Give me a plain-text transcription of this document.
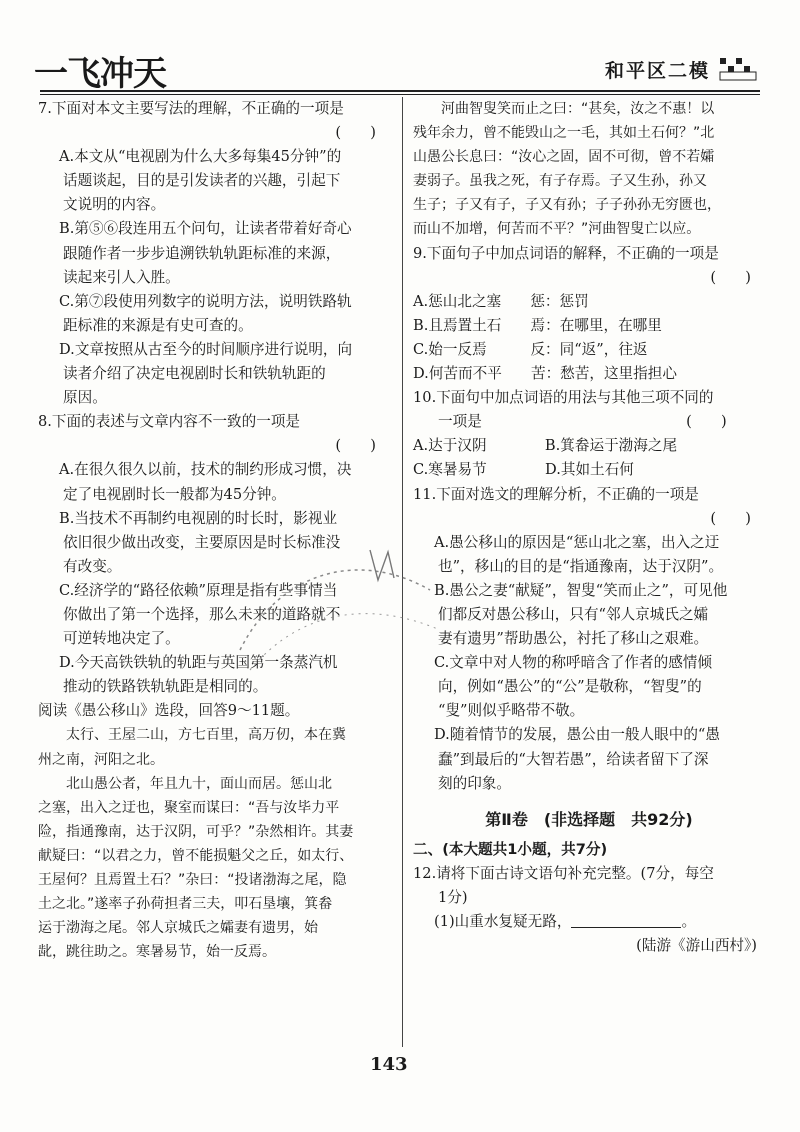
一飞冲天	和平区二模
7.下面对本文主要写法的理解，不正确的一项是
(　　)
A.本文从“电视剧为什么大多每集45分钟”的
话题谈起，目的是引发读者的兴趣，引起下
文说明的内容。
B.第⑤⑥段连用五个问句，让读者带着好奇心
跟随作者一步步追溯铁轨轨距标准的来源，
读起来引人入胜。
C.第⑦段使用列数字的说明方法，说明铁路轨
距标准的来源是有史可查的。
D.文章按照从古至今的时间顺序进行说明，向
读者介绍了决定电视剧时长和铁轨轨距的
原因。
8.下面的表述与文章内容不一致的一项是
(　　)
A.在很久很久以前，技术的制约形成习惯，决
定了电视剧时长一般都为45分钟。
B.当技术不再制约电视剧的时长时，影视业
依旧很少做出改变，主要原因是时长标准没
有改变。
C.经济学的“路径依赖”原理是指有些事情当
你做出了第一个选择，那么未来的道路就不
可逆转地决定了。
D.今天高铁铁轨的轨距与英国第一条蒸汽机
推动的铁路铁轨轨距是相同的。
阅读《愚公移山》选段，回答9～11题。
太行、王屋二山，方七百里，高万仞，本在冀
州之南，河阳之北。
北山愚公者，年且九十，面山而居。惩山北
之塞，出入之迂也，聚室而谋曰：“吾与汝毕力平
险，指通豫南，达于汉阴，可乎？”杂然相许。其妻
献疑曰：“以君之力，曾不能损魁父之丘，如太行、
王屋何？且焉置土石？”杂曰：“投诸渤海之尾，隐
土之北。”遂率子孙荷担者三夫，叩石垦壤，箕畚
运于渤海之尾。邻人京城氏之孀妻有遗男，始
龀，跳往助之。寒暑易节，始一反焉。
河曲智叟笑而止之曰：“甚矣，汝之不惠！以
残年余力，曾不能毁山之一毛，其如土石何？”北
山愚公长息曰：“汝心之固，固不可彻，曾不若孀
妻弱子。虽我之死，有子存焉。子又生孙，孙又
生子；子又有子，子又有孙；子子孙孙无穷匮也，
而山不加增，何苦而不平？”河曲智叟亡以应。
9.下面句子中加点词语的解释，不正确的一项是
(　　)
A.惩山北之塞　　惩：惩罚
B.且焉置土石　　焉：在哪里，在哪里
C.始一反焉　　　反：同“返”，往返
D.何苦而不平　　苦：愁苦，这里指担心
10.下面句中加点词语的用法与其他三项不同的
一项是　　　　　　　　　　　　　　(　　)
A.达于汉阴　　　　B.箕畚运于渤海之尾
C.寒暑易节　　　　D.其如土石何
11.下面对选文的理解分析，不正确的一项是
(　　)
A.愚公移山的原因是“惩山北之塞，出入之迂
也”，移山的目的是“指通豫南，达于汉阴”。
B.愚公之妻“献疑”，智叟“笑而止之”，可见他
们都反对愚公移山，只有“邻人京城氏之孀
妻有遗男”帮助愚公，衬托了移山之艰难。
C.文章中对人物的称呼暗含了作者的感情倾
向，例如“愚公”的“公”是敬称，“智叟”的
“叟”则似乎略带不敬。
D.随着情节的发展，愚公由一般人眼中的“愚
蠢”到最后的“大智若愚”，给读者留下了深
刻的印象。
第Ⅱ卷　(非选择题　共92分)
二、(本大题共1小题，共7分)
12.请将下面古诗文语句补充完整。(7分，每空
1分)
(1)山重水复疑无路，	。
(陆游《游山西村》)
143
